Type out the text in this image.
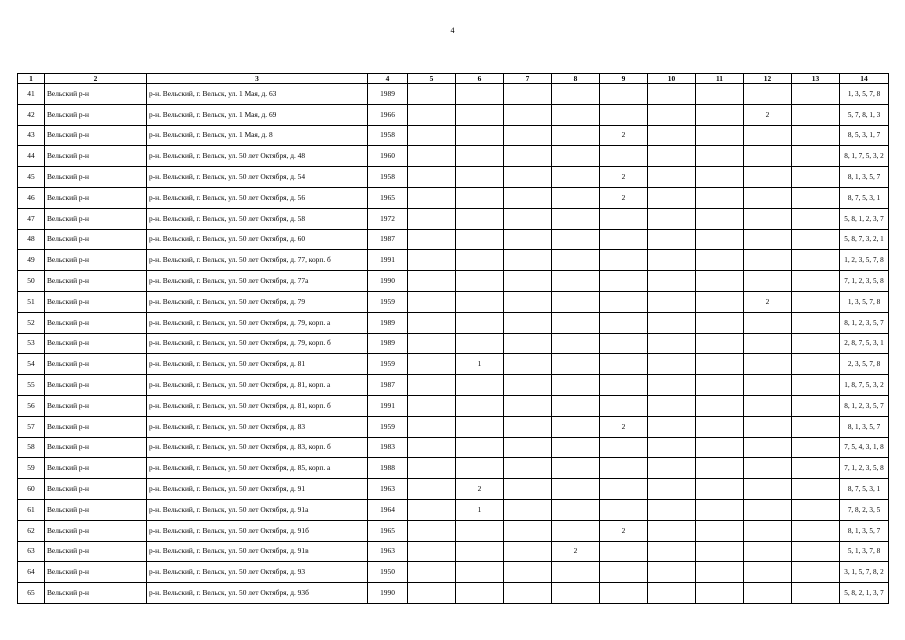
4
1	2	3	4	5	6	7	8	9	10	11	12	13	14
41	Вельский р-н	р-н. Вельский, г. Вельск, ул. 1 Мая, д. 63	1989										1, 3, 5, 7, 8
42	Вельский р-н	р-н. Вельский, г. Вельск, ул. 1 Мая, д. 69	1966								2		5, 7, 8, 1, 3
43	Вельский р-н	р-н. Вельский, г. Вельск, ул. 1 Мая, д. 8	1958					2					8, 5, 3, 1, 7
44	Вельский р-н	р-н. Вельский, г. Вельск, ул. 50 лет Октября, д. 48	1960										8, 1, 7, 5, 3, 2
45	Вельский р-н	р-н. Вельский, г. Вельск, ул. 50 лет Октября, д. 54	1958					2					8, 1, 3, 5, 7
46	Вельский р-н	р-н. Вельский, г. Вельск, ул. 50 лет Октября, д. 56	1965					2					8, 7, 5, 3, 1
47	Вельский р-н	р-н. Вельский, г. Вельск, ул. 50 лет Октября, д. 58	1972										5, 8, 1, 2, 3, 7
48	Вельский р-н	р-н. Вельский, г. Вельск, ул. 50 лет Октября, д. 60	1987										5, 8, 7, 3, 2, 1
49	Вельский р-н	р-н. Вельский, г. Вельск, ул. 50 лет Октября, д. 77, корп. б	1991										1, 2, 3, 5, 7, 8
50	Вельский р-н	р-н. Вельский, г. Вельск, ул. 50 лет Октября, д. 77а	1990										7, 1, 2, 3, 5, 8
51	Вельский р-н	р-н. Вельский, г. Вельск, ул. 50 лет Октября, д. 79	1959								2		1, 3, 5, 7, 8
52	Вельский р-н	р-н. Вельский, г. Вельск, ул. 50 лет Октября, д. 79, корп. а	1989										8, 1, 2, 3, 5, 7
53	Вельский р-н	р-н. Вельский, г. Вельск, ул. 50 лет Октября, д. 79, корп. б	1989										2, 8, 7, 5, 3, 1
54	Вельский р-н	р-н. Вельский, г. Вельск, ул. 50 лет Октября, д. 81	1959		1								2, 3, 5, 7, 8
55	Вельский р-н	р-н. Вельский, г. Вельск, ул. 50 лет Октября, д. 81, корп. а	1987										1, 8, 7, 5, 3, 2
56	Вельский р-н	р-н. Вельский, г. Вельск, ул. 50 лет Октября, д. 81, корп. б	1991										8, 1, 2, 3, 5, 7
57	Вельский р-н	р-н. Вельский, г. Вельск, ул. 50 лет Октября, д. 83	1959					2					8, 1, 3, 5, 7
58	Вельский р-н	р-н. Вельский, г. Вельск, ул. 50 лет Октября, д. 83, корп. б	1983										7, 5, 4, 3, 1, 8
59	Вельский р-н	р-н. Вельский, г. Вельск, ул. 50 лет Октября, д. 85, корп. а	1988										7, 1, 2, 3, 5, 8
60	Вельский р-н	р-н. Вельский, г. Вельск, ул. 50 лет Октября, д. 91	1963		2								8, 7, 5, 3, 1
61	Вельский р-н	р-н. Вельский, г. Вельск, ул. 50 лет Октября, д. 91а	1964		1								7, 8, 2, 3, 5
62	Вельский р-н	р-н. Вельский, г. Вельск, ул. 50 лет Октября, д. 91б	1965					2					8, 1, 3, 5, 7
63	Вельский р-н	р-н. Вельский, г. Вельск, ул. 50 лет Октября, д. 91в	1963				2						5, 1, 3, 7, 8
64	Вельский р-н	р-н. Вельский, г. Вельск, ул. 50 лет Октября, д. 93	1950										3, 1, 5, 7, 8, 2
65	Вельский р-н	р-н. Вельский, г. Вельск, ул. 50 лет Октября, д. 93б	1990										5, 8, 2, 1, 3, 7
